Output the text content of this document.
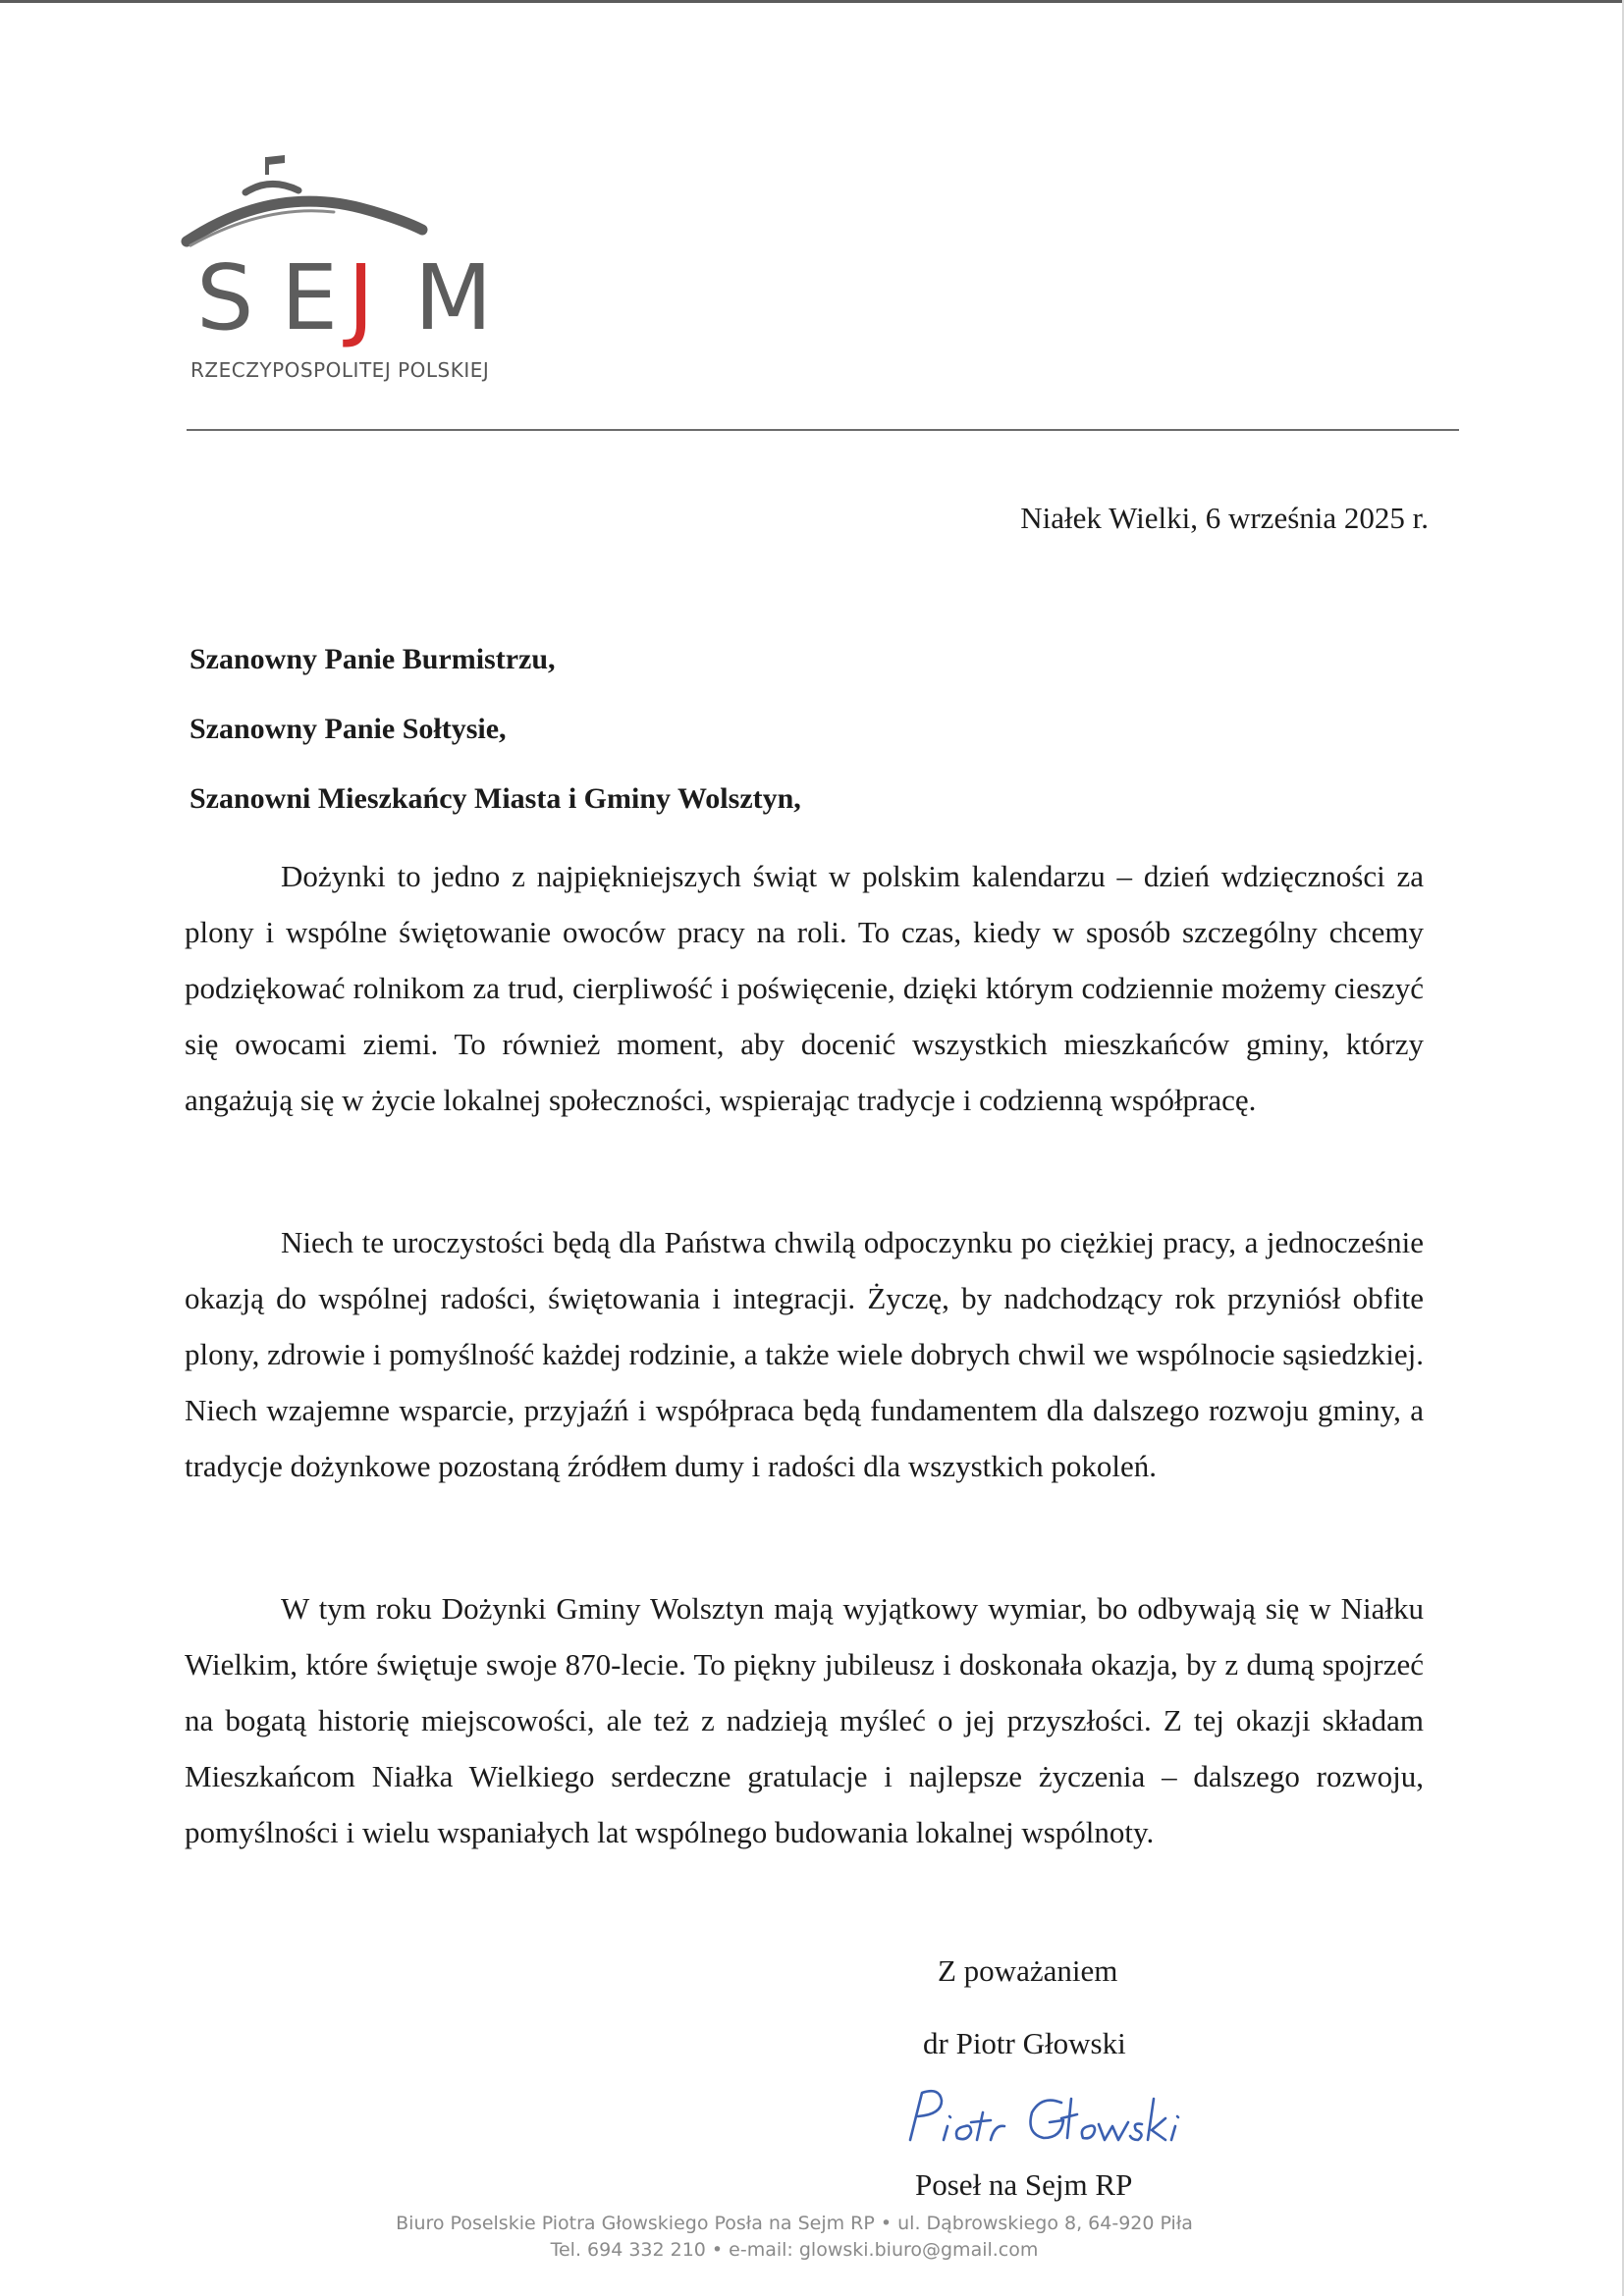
S E J M
RZECZYPOSPOLITEJ POLSKIEJ
Niałek Wielki, 6 września 2025 r.
Szanowny Panie Burmistrzu,
Szanowny Panie Sołtysie,
Szanowni Mieszkańcy Miasta i Gminy Wolsztyn,

Dożynki to jedno z najpiękniejszych świąt w polskim kalendarzu – dzień wdzięczności za plony i wspólne świętowanie owoców pracy na roli. To czas, kiedy w sposób szczególny chcemy podziękować rolnikom za trud, cierpliwość i poświęcenie, dzięki którym codziennie możemy cieszyć się owocami ziemi. To również moment, aby docenić wszystkich mieszkańców gminy, którzy angażują się w życie lokalnej społeczności, wspierając tradycje i codzienną współpracę.

Niech te uroczystości będą dla Państwa chwilą odpoczynku po ciężkiej pracy, a jednocześnie okazją do wspólnej radości, świętowania i integracji. Życzę, by nadchodzący rok przyniósł obfite plony, zdrowie i pomyślność każdej rodzinie, a także wiele dobrych chwil we wspólnocie sąsiedzkiej. Niech wzajemne wsparcie, przyjaźń i współpraca będą fundamentem dla dalszego rozwoju gminy, a tradycje dożynkowe pozostaną źródłem dumy i radości dla wszystkich pokoleń.

W tym roku Dożynki Gminy Wolsztyn mają wyjątkowy wymiar, bo odbywają się w Niałku Wielkim, które świętuje swoje 870-lecie. To piękny jubileusz i doskonała okazja, by z dumą spojrzeć na bogatą historię miejscowości, ale też z nadzieją myśleć o jej przyszłości. Z tej okazji składam Mieszkańcom Niałka Wielkiego serdeczne gratulacje i najlepsze życzenia – dalszego rozwoju, pomyślności i wielu wspaniałych lat wspólnego budowania lokalnej wspólnoty.

Z poważaniem
dr Piotr Głowski
Poseł na Sejm RP
Biuro Poselskie Piotra Głowskiego Posła na Sejm RP • ul. Dąbrowskiego 8, 64-920 Piła
Tel. 694 332 210 • e-mail: glowski.biuro@gmail.com
